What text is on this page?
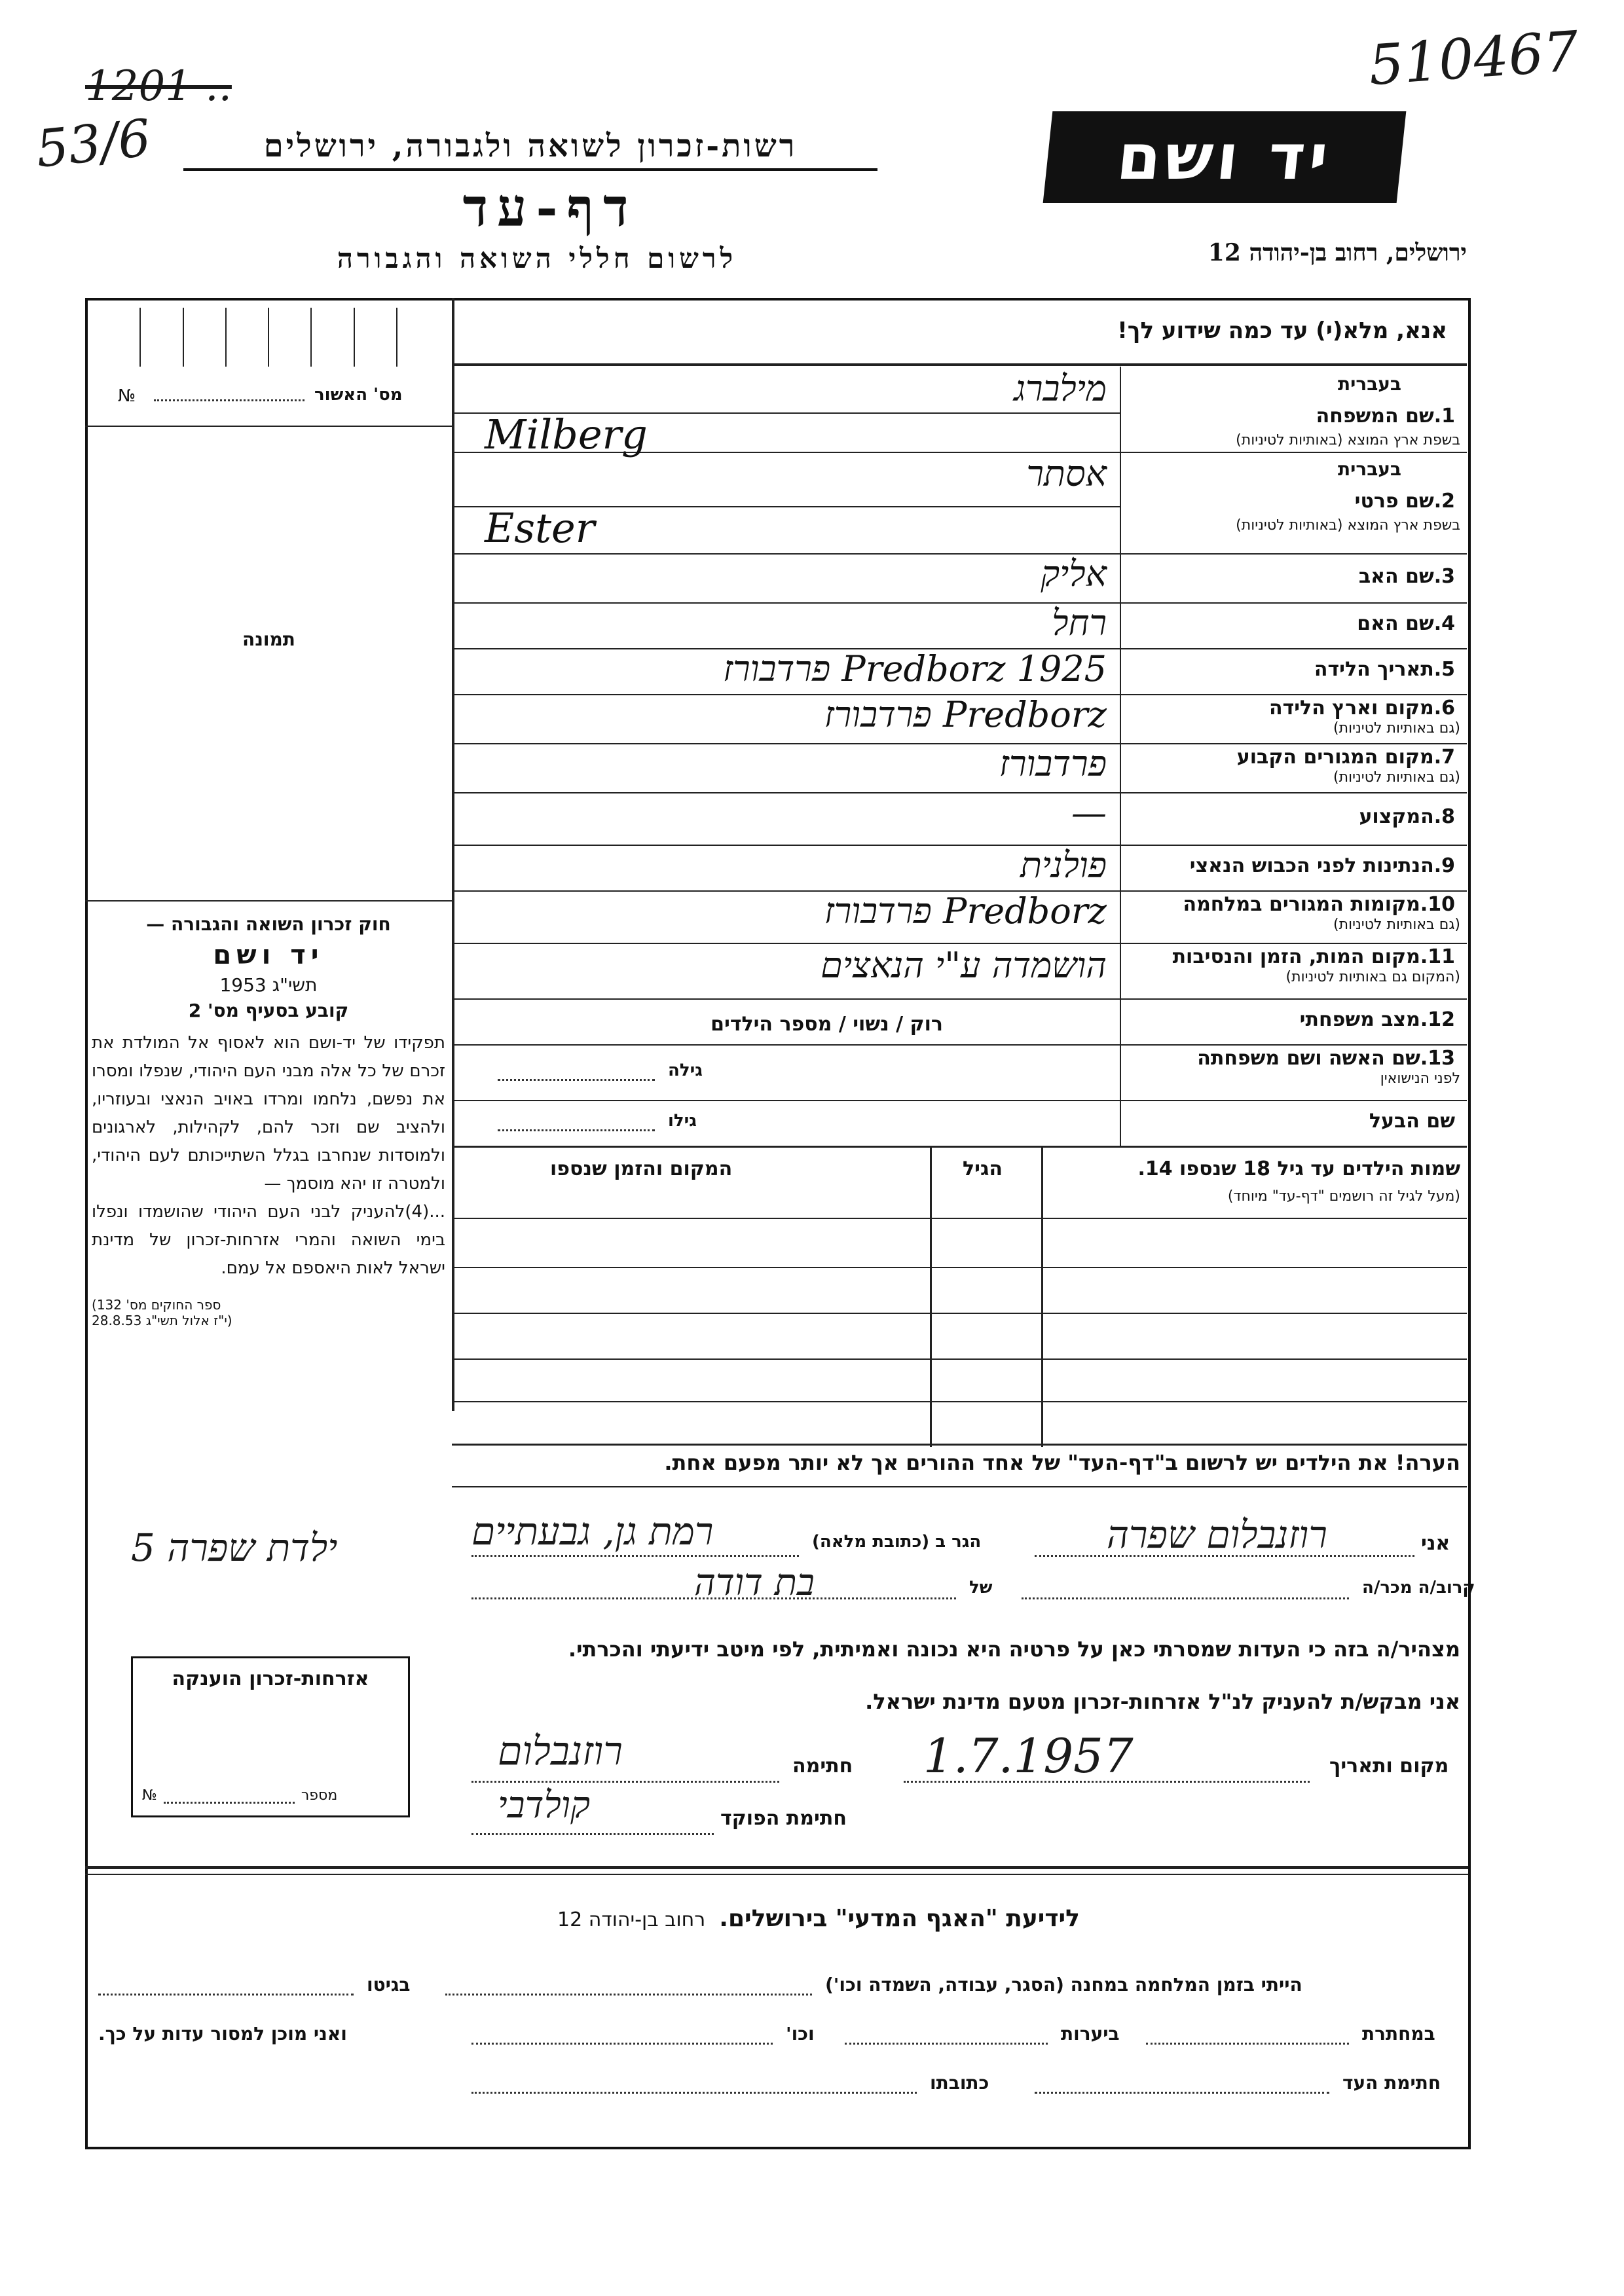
510467
1201 ..
53/6	רשות-זכרון לשואה ולגבורה, ירושלים
דף-עד
לרשום חללי השואה והגבורה
יד ושם
ירושלים, רחוב בן-יהודה 12
אנא, מלא(י) עד כמה שידוע לך!
№	מס' האשור
תמונה
חוק זכרון השואה והגבורה —
יד ושם
תשי"ג 1953
קובע בסעיף מס' 2
תפקידו של יד-ושם הוא לאסוף אל המולדת את זכרם של כל אלה מבני העם היהודי, שנפלו ומסרו את נפשם, נלחמו ומרדו באויב הנאצי ובעוזריו, ולהציב שם וזכר להם, לקהילות, לארגונים ולמוסדות שנחרבו בגלל השתייכותם לעם היהודי, ולמטרה זו יהא מוסמך —
...(4)להעניק לבני העם היהודי שהושמדו ונפלו בימי השואה והמרי אזרחות-זכרון של מדינת ישראל לאות היאספם אל עמם.
(ספר החוקים מס' 132
י"ז אלול תשי"ג 28.8.53)
1.שם המשפחה
בעברית
בשפת ארץ המוצא (באותיות לטיניות)
מילברג
Milberg
2.שם פרטי
בעברית
בשפת ארץ המוצא (באותיות לטיניות)
אסתר
Ester
3.שם האב
אליק
4.שם האם
רחל
5.תאריך הלידה
Predborz 1925 פרדבורז
6.מקום וארץ הלידה
(גם באותיות לטיניות)
Predborz פרדבורז
7.מקום המגורים הקבוע
(גם באותיות לטיניות)
פרדבורז
8.המקצוע
—
9.הנתינות לפני הכבוש הנאצי
פולנית
10.מקומות המגורים במלחמה
(גם באותיות לטיניות)
Predborz פרדבורז
11.מקום המות, הזמן והנסיבות
(המקום גם באותיות לטיניות)
הושמדה ע"י הנאצים
12.מצב משפחתי
רוק / נשוי / מספר הילדים
13.שם האשה ושם משפחתה
לפני הנישואין
גילה
שם הבעל
גילו
שמות הילדים עד גיל 18 שנספו 14.
(מעל לגיל זה רושמים "דף-עד" מיוחד)
הגיל
המקום והזמן שנספו
אזרחות-זכרון הוענקה
№	מספר
הערה! את הילדים יש לרשום ב"דף-העד" של אחד ההורים אך לא יותר מפעם אחת.
5 ילדת שפרה	אני
רוזנבלום שפרה
הגר ב (כתובת מלאה)
רמת גן, גבעתיים
קרוב/ה מכר/ה
של
בת דודה
מצהיר/ה בזה כי העדות שמסרתי כאן על פרטיה היא נכונה ואמיתית, לפי מיטב ידיעתי והכרתי.
אני מבקש/ת להעניק לנ"ל אזרחות-זכרון מטעם מדינת ישראל.
מקום ותאריך
1.7.1957
חתימה
רוזנבלום
חתימת הפוקד
קולדבי
לידיעת "האגף המדעי" בירושלים. רחוב בן-יהודה 12
הייתי בזמן המלחמה במחנה (הסגר, עבודה, השמדה וכו')
בגיטו
במחתרת
ביערות
וכו'
ואני מוכן למסור עדות על כך.
חתימת העד
כתובתו
